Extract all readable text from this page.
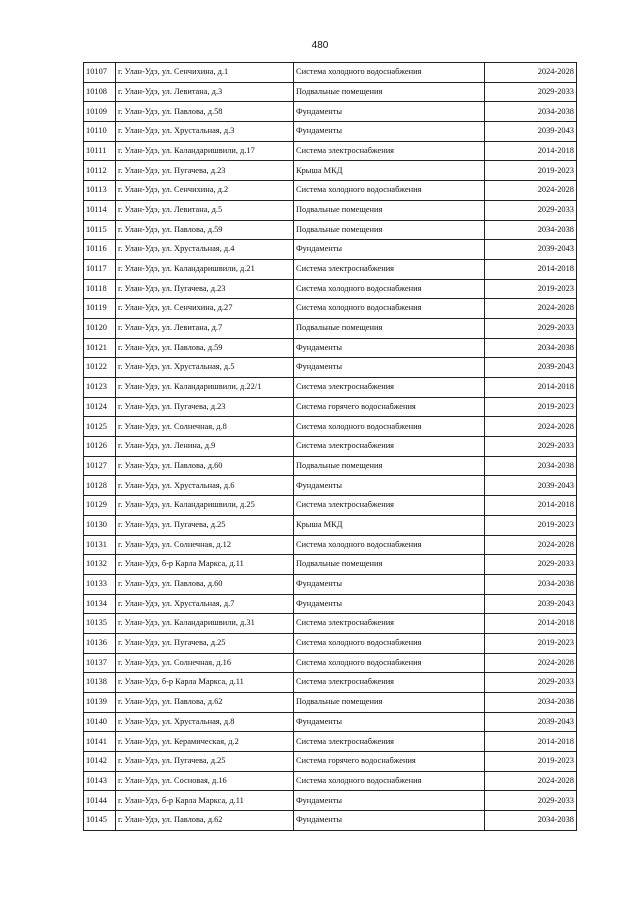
480
10107	г. Улан-Удэ, ул. Сенчихина, д.1	Система холодного водоснабжения	2024-2028
10108	г. Улан-Удэ, ул. Левитана, д.3	Подвальные помещения	2029-2033
10109	г. Улан-Удэ, ул. Павлова, д.58	Фундаменты	2034-2038
10110	г. Улан-Удэ, ул. Хрустальная, д.3	Фундаменты	2039-2043
10111	г. Улан-Удэ, ул. Каландаришвили, д.17	Система электроснабжения	2014-2018
10112	г. Улан-Удэ, ул. Пугачева, д.23	Крыша МКД	2019-2023
10113	г. Улан-Удэ, ул. Сенчихина, д.2	Система холодного водоснабжения	2024-2028
10114	г. Улан-Удэ, ул. Левитана, д.5	Подвальные помещения	2029-2033
10115	г. Улан-Удэ, ул. Павлова, д.59	Подвальные помещения	2034-2038
10116	г. Улан-Удэ, ул. Хрустальная, д.4	Фундаменты	2039-2043
10117	г. Улан-Удэ, ул. Каландаришвили, д.21	Система электроснабжения	2014-2018
10118	г. Улан-Удэ, ул. Пугачева, д.23	Система холодного водоснабжения	2019-2023
10119	г. Улан-Удэ, ул. Сенчихина, д.27	Система холодного водоснабжения	2024-2028
10120	г. Улан-Удэ, ул. Левитана, д.7	Подвальные помещения	2029-2033
10121	г. Улан-Удэ, ул. Павлова, д.59	Фундаменты	2034-2038
10122	г. Улан-Удэ, ул. Хрустальная, д.5	Фундаменты	2039-2043
10123	г. Улан-Удэ, ул. Каландаришвили, д.22/1	Система электроснабжения	2014-2018
10124	г. Улан-Удэ, ул. Пугачева, д.23	Система горячего водоснабжения	2019-2023
10125	г. Улан-Удэ, ул. Солнечная, д.8	Система холодного водоснабжения	2024-2028
10126	г. Улан-Удэ, ул. Ленина, д.9	Система электроснабжения	2029-2033
10127	г. Улан-Удэ, ул. Павлова, д.60	Подвальные помещения	2034-2038
10128	г. Улан-Удэ, ул. Хрустальная, д.6	Фундаменты	2039-2043
10129	г. Улан-Удэ, ул. Каландаришвили, д.25	Система электроснабжения	2014-2018
10130	г. Улан-Удэ, ул. Пугачева, д.25	Крыша МКД	2019-2023
10131	г. Улан-Удэ, ул. Солнечная, д.12	Система холодного водоснабжения	2024-2028
10132	г. Улан-Удэ, б-р Карла Маркса, д.11	Подвальные помещения	2029-2033
10133	г. Улан-Удэ, ул. Павлова, д.60	Фундаменты	2034-2038
10134	г. Улан-Удэ, ул. Хрустальная, д.7	Фундаменты	2039-2043
10135	г. Улан-Удэ, ул. Каландаришвили, д.31	Система электроснабжения	2014-2018
10136	г. Улан-Удэ, ул. Пугачева, д.25	Система холодного водоснабжения	2019-2023
10137	г. Улан-Удэ, ул. Солнечная, д.16	Система холодного водоснабжения	2024-2028
10138	г. Улан-Удэ, б-р Карла Маркса, д.11	Система электроснабжения	2029-2033
10139	г. Улан-Удэ, ул. Павлова, д.62	Подвальные помещения	2034-2038
10140	г. Улан-Удэ, ул. Хрустальная, д.8	Фундаменты	2039-2043
10141	г. Улан-Удэ, ул. Керамическая, д.2	Система электроснабжения	2014-2018
10142	г. Улан-Удэ, ул. Пугачева, д.25	Система горячего водоснабжения	2019-2023
10143	г. Улан-Удэ, ул. Сосновая, д.16	Система холодного водоснабжения	2024-2028
10144	г. Улан-Удэ, б-р Карла Маркса, д.11	Фундаменты	2029-2033
10145	г. Улан-Удэ, ул. Павлова, д.62	Фундаменты	2034-2038
